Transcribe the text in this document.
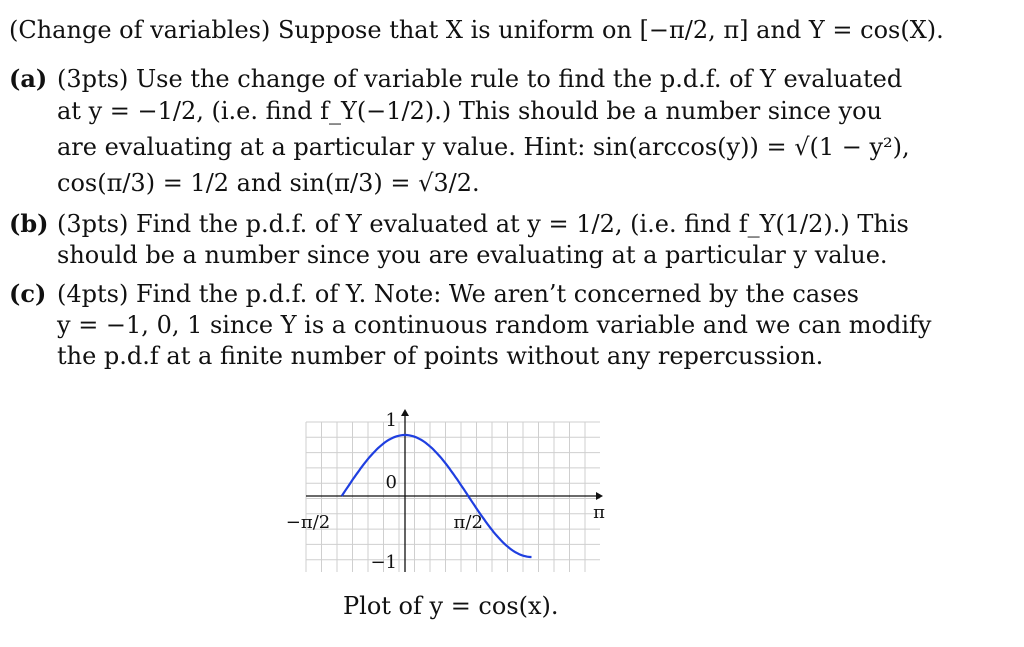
(Change of variables) Suppose that X is uniform on [−π/2, π] and Y = cos(X).
(a) (3pts) Use the change of variable rule to find the p.d.f. of Y evaluated
at y = −1/2, (i.e. find f_Y(−1/2).) This should be a number since you
are evaluating at a particular y value. Hint: sin(arccos(y)) = √(1 − y²),
cos(π/3) = 1/2 and sin(π/3) = √3/2.
(b) (3pts) Find the p.d.f. of Y evaluated at y = 1/2, (i.e. find f_Y(1/2).) This
should be a number since you are evaluating at a particular y value.
(c) (4pts) Find the p.d.f. of Y. Note: We aren’t concerned by the cases
y = −1, 0, 1 since Y is a continuous random variable and we can modify
the p.d.f at a finite number of points without any repercussion.
−π/2	π/2	π
1
0
−1
Plot of y = cos(x).
